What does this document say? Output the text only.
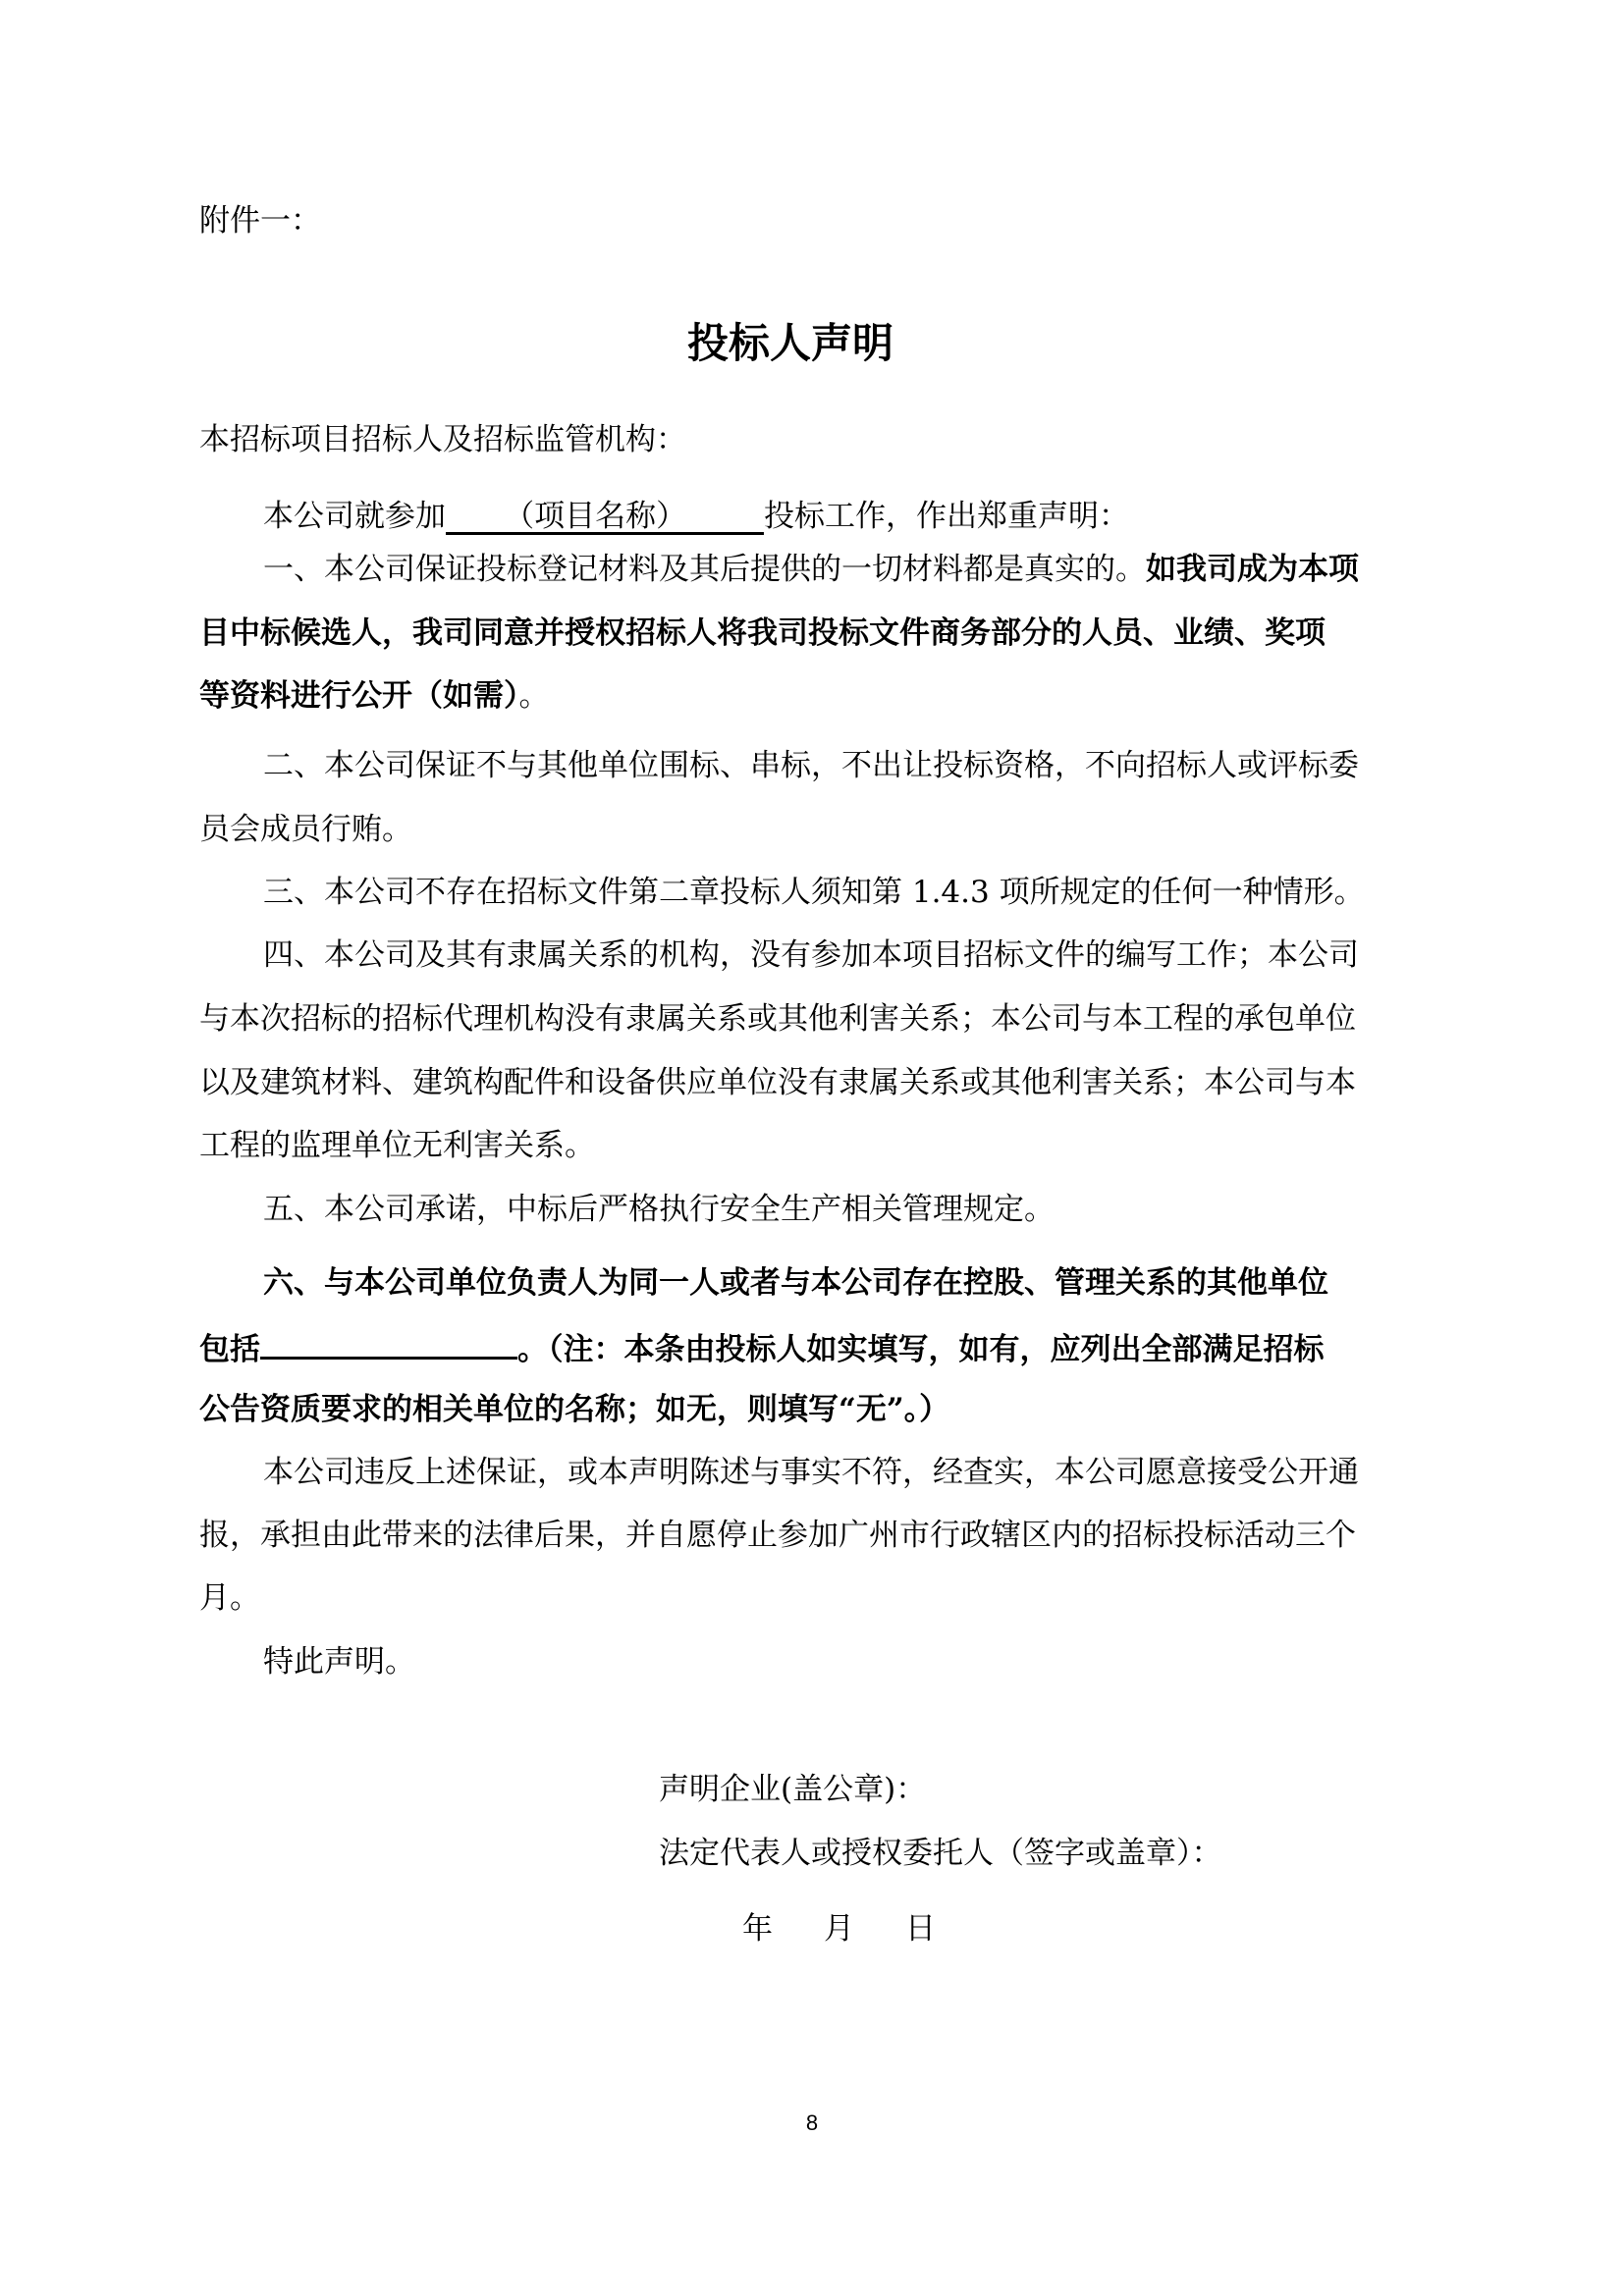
附件一：
投标人声明
本招标项目招标人及招标监管机构：
本公司就参加      （项目名称）        投标工作，作出郑重声明：
一、本公司保证投标登记材料及其后提供的一切材料都是真实的。如我司成为本项
目中标候选人，我司同意并授权招标人将我司投标文件商务部分的人员、业绩、奖项
等资料进行公开（如需）。
二、本公司保证不与其他单位围标、串标，不出让投标资格，不向招标人或评标委
员会成员行贿。
三、本公司不存在招标文件第二章投标人须知第 1.4.3 项所规定的任何一种情形。
四、本公司及其有隶属关系的机构，没有参加本项目招标文件的编写工作；本公司
与本次招标的招标代理机构没有隶属关系或其他利害关系；本公司与本工程的承包单位
以及建筑材料、建筑构配件和设备供应单位没有隶属关系或其他利害关系；本公司与本
工程的监理单位无利害关系。
五、本公司承诺，中标后严格执行安全生产相关管理规定。
六、与本公司单位负责人为同一人或者与本公司存在控股、管理关系的其他单位
包括	。（注：本条由投标人如实填写，如有，应列出全部满足招标
公告资质要求的相关单位的名称；如无，则填写“无”。）
本公司违反上述保证，或本声明陈述与事实不符，经查实，本公司愿意接受公开通
报，承担由此带来的法律后果，并自愿停止参加广州市行政辖区内的招标投标活动三个
月。
特此声明。
声明企业(盖公章)：
法定代表人或授权委托人（签字或盖章）：
年 月 日
8
